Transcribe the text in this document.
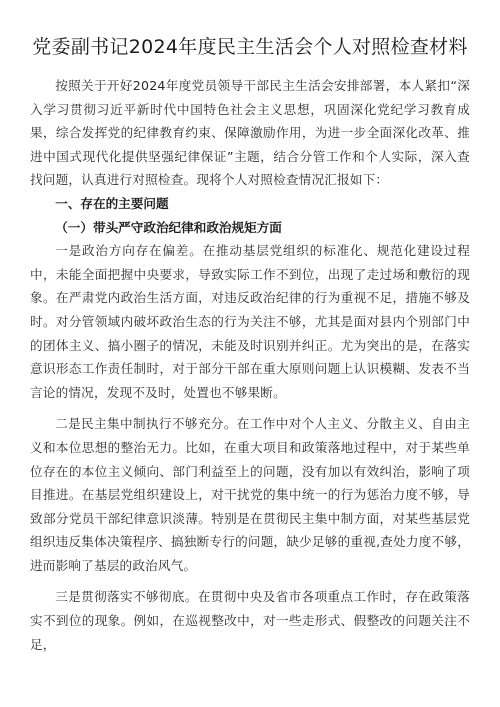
党委副书记2024年度民主生活会个人对照检查材料

按照关于开好2024年度党员领导干部民主生活会安排部署，本人紧扣“深入学习贯彻习近平新时代中国特色社会主义思想，巩固深化党纪学习教育成果，综合发挥党的纪律教育约束、保障激励作用，为进一步全面深化改革、推进中国式现代化提供坚强纪律保证”主题，结合分管工作和个人实际，深入查找问题，认真进行对照检查。现将个人对照检查情况汇报如下：

一、存在的主要问题

（一）带头严守政治纪律和政治规矩方面

一是政治方向存在偏差。在推动基层党组织的标准化、规范化建设过程中，未能全面把握中央要求，导致实际工作不到位，出现了走过场和敷衍的现象。在严肃党内政治生活方面，对违反政治纪律的行为重视不足，措施不够及时。对分管领域内破坏政治生态的行为关注不够，尤其是面对县内个别部门中的团体主义、搞小圈子的情况，未能及时识别并纠正。尤为突出的是，在落实意识形态工作责任制时，对于部分干部在重大原则问题上认识模糊、发表不当言论的情况，发现不及时，处置也不够果断。

二是民主集中制执行不够充分。在工作中对个人主义、分散主义、自由主义和本位思想的整治无力。比如，在重大项目和政策落地过程中，对于某些单位存在的本位主义倾向、部门利益至上的问题，没有加以有效纠治，影响了项目推进。在基层党组织建设上，对干扰党的集中统一的行为惩治力度不够，导致部分党员干部纪律意识淡薄。特别是在贯彻民主集中制方面，对某些基层党组织违反集体决策程序、搞独断专行的问题，缺少足够的重视,查处力度不够，进而影响了基层的政治风气。

三是贯彻落实不够彻底。在贯彻中央及省市各项重点工作时，存在政策落实不到位的现象。例如，在巡视整改中，对一些走形式、假整改的问题关注不足，
